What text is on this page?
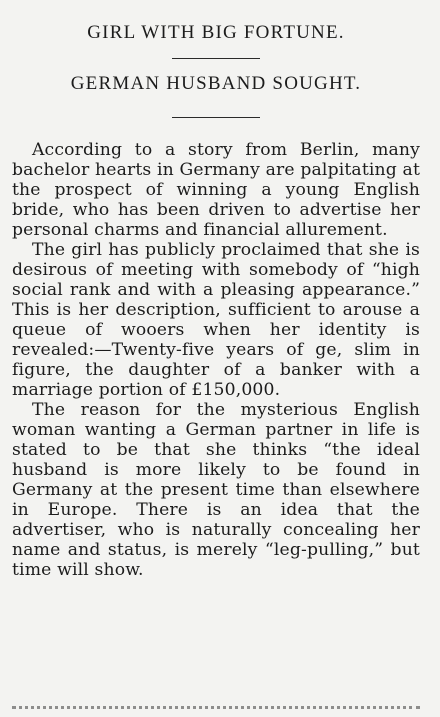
GIRL WITH BIG FORTUNE.
GERMAN HUSBAND SOUGHT.

According to a story from Berlin, many bachelor hearts in Germany are palpitating at the prospect of winning a young English bride, who has been driven to advertise her personal charms and financial allurement.

The girl has publicly proclaimed that she is desirous of meeting with somebody of “high social rank and with a pleasing appearance.” This is her description, sufficient to arouse a queue of wooers when her identity is revealed:—Twenty-five years of ge, slim in figure, the daughter of a banker with a marriage portion of £150,000.

The reason for the mysterious English woman wanting a German partner in life is stated to be that she thinks “the ideal husband is more likely to be found in Germany at the present time than elsewhere in Europe. There is an idea that the advertiser, who is naturally concealing her name and status, is merely “leg-pulling,” but time will show.
